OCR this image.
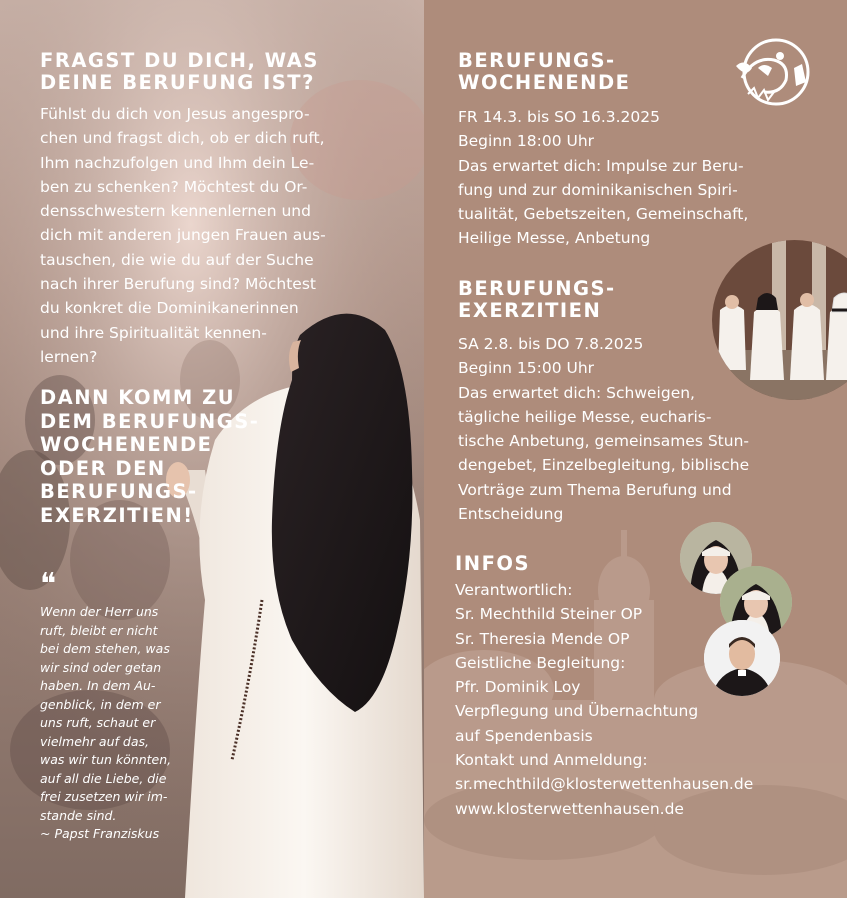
FRAGST DU DICH, WAS
DEINE BERUFUNG IST?
Fühlst du dich von Jesus angespro-
chen und fragst dich, ob er dich ruft,
Ihm nachzufolgen und Ihm dein Le-
ben zu schenken? Möchtest du Or-
densschwestern kennenlernen und
dich mit anderen jungen Frauen aus-
tauschen, die wie du auf der Suche
nach ihrer Berufung sind? Möchtest
du konkret die Dominikanerinnen
und ihre Spiritualität kennen-
lernen?
DANN KOMM ZU
DEM BERUFUNGS-
WOCHENENDE
ODER DEN
BERUFUNGS-
EXERZITIEN!
❝
Wenn der Herr uns
ruft, bleibt er nicht
bei dem stehen, was
wir sind oder getan
haben. In dem Au-
genblick, in dem er
uns ruft, schaut er
vielmehr auf das,
was wir tun könnten,
auf all die Liebe, die
frei zusetzen wir im-
stande sind.
~ Papst Franziskus
BERUFUNGS-
WOCHENENDE
FR 14.3. bis SO 16.3.2025
Beginn 18:00 Uhr
Das erwartet dich: Impulse zur Beru-
fung und zur dominikanischen Spiri-
tualität, Gebetszeiten, Gemeinschaft,
Heilige Messe, Anbetung
BERUFUNGS-
EXERZITIEN
SA 2.8. bis DO 7.8.2025
Beginn 15:00 Uhr
Das erwartet dich: Schweigen,
tägliche heilige Messe, eucharis-
tische Anbetung, gemeinsames Stun-
dengebet, Einzelbegleitung, biblische
Vorträge zum Thema Berufung und
Entscheidung
INFOS
Verantwortlich:
Sr. Mechthild Steiner OP
Sr. Theresia Mende OP
Geistliche Begleitung:
Pfr. Dominik Loy
Verpflegung und Übernachtung
auf Spendenbasis
Kontakt und Anmeldung:
sr.mechthild@klosterwettenhausen.de
www.klosterwettenhausen.de
